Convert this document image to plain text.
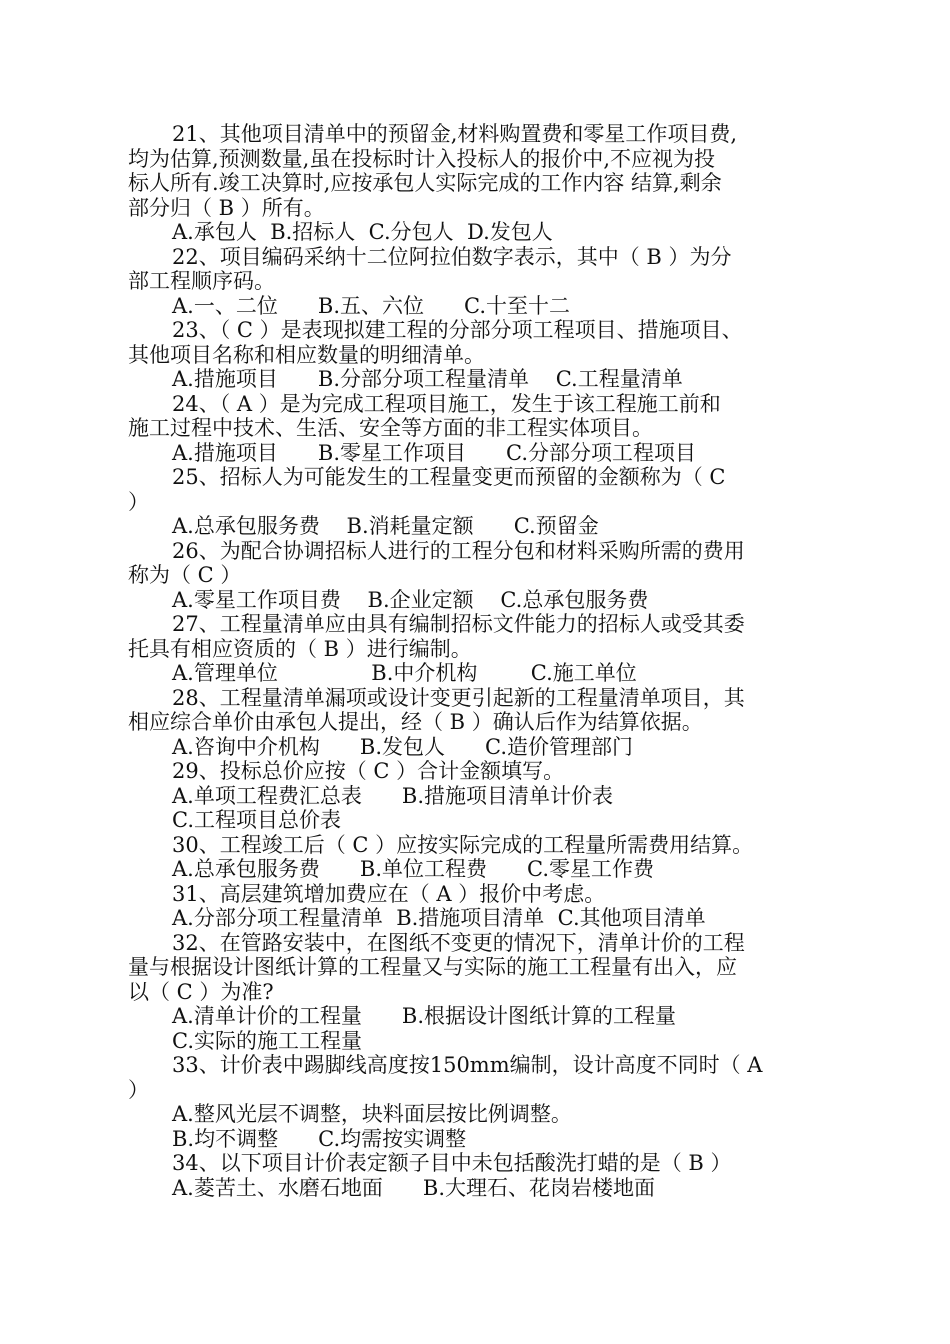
21、其他项目清单中的预留金,材料购置费和零星工作项目费,
均为估算,预测数量,虽在投标时计入投标人的报价中,不应视为投
标人所有.竣工决算时,应按承包人实际完成的工作内容 结算,剩余
部分归（ B ）所有。
A.承包人  B.招标人  C.分包人  D.发包人
22、项目编码采纳十二位阿拉伯数字表示，其中（ B ）为分
部工程顺序码。
A.一、二位      B.五、六位      C.十至十二
23、（ C ）是表现拟建工程的分部分项工程项目、措施项目、
其他项目名称和相应数量的明细清单。
A.措施项目      B.分部分项工程量清单    C.工程量清单
24、（ A ）是为完成工程项目施工，发生于该工程施工前和
施工过程中技术、生活、安全等方面的非工程实体项目。
A.措施项目      B.零星工作项目      C.分部分项工程项目
25、招标人为可能发生的工程量变更而预留的金额称为（ C
）
A.总承包服务费    B.消耗量定额      C.预留金
26、为配合协调招标人进行的工程分包和材料采购所需的费用
称为（ C ）
A.零星工作项目费    B.企业定额    C.总承包服务费
27、工程量清单应由具有编制招标文件能力的招标人或受其委
托具有相应资质的（ B ）进行编制。
A.管理单位              B.中介机构        C.施工单位
28、工程量清单漏项或设计变更引起新的工程量清单项目，其
相应综合单价由承包人提出，经（ B ）确认后作为结算依据。
A.咨询中介机构      B.发包人      C.造价管理部门
29、投标总价应按（ C ）合计金额填写。
A.单项工程费汇总表      B.措施项目清单计价表
C.工程项目总价表
30、工程竣工后（ C ）应按实际完成的工程量所需费用结算。
A.总承包服务费      B.单位工程费      C.零星工作费
31、高层建筑增加费应在（ A ）报价中考虑。
A.分部分项工程量清单  B.措施项目清单  C.其他项目清单
32、在管路安装中，在图纸不变更的情况下，清单计价的工程
量与根据设计图纸计算的工程量又与实际的施工工程量有出入，应
以（ C ）为准?
A.清单计价的工程量      B.根据设计图纸计算的工程量
C.实际的施工工程量
33、计价表中踢脚线高度按150mm编制，设计高度不同时（ A
）
A.整风光层不调整，块料面层按比例调整。
B.均不调整      C.均需按实调整
34、以下项目计价表定额子目中未包括酸洗打蜡的是（ B ）
A.菱苦土、水磨石地面      B.大理石、花岗岩楼地面
